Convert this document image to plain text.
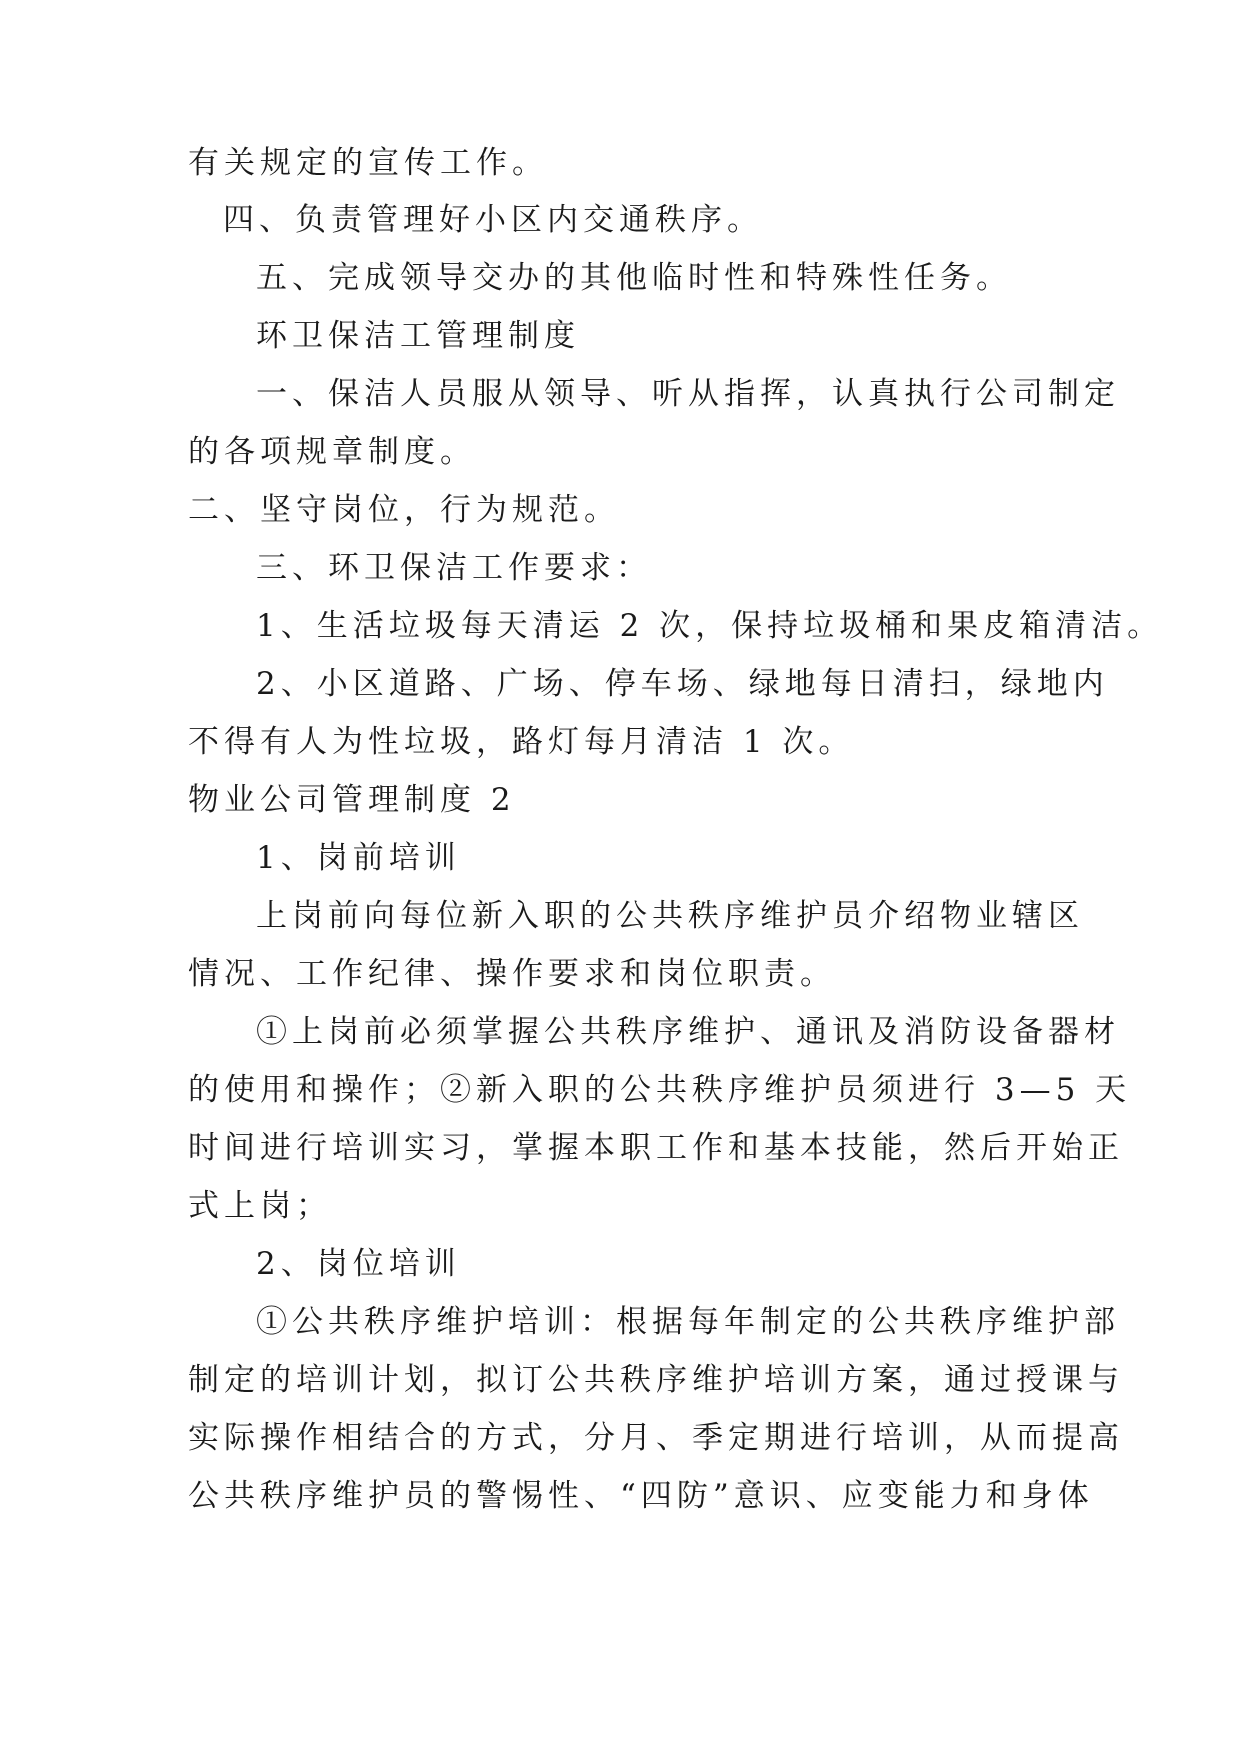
有关规定的宣传工作。
四、负责管理好小区内交通秩序。
五、完成领导交办的其他临时性和特殊性任务。
环卫保洁工管理制度
一、保洁人员服从领导、听从指挥，认真执行公司制定
的各项规章制度。
二、坚守岗位，行为规范。
三、环卫保洁工作要求：
1、生活垃圾每天清运 2 次，保持垃圾桶和果皮箱清洁。
2、小区道路、广场、停车场、绿地每日清扫，绿地内
不得有人为性垃圾，路灯每月清洁 1 次。
物业公司管理制度 2
1、岗前培训
上岗前向每位新入职的公共秩序维护员介绍物业辖区
情况、工作纪律、操作要求和岗位职责。
①上岗前必须掌握公共秩序维护、通讯及消防设备器材
的使用和操作；②新入职的公共秩序维护员须进行 3—5 天
时间进行培训实习，掌握本职工作和基本技能，然后开始正
式上岗；
2、岗位培训
①公共秩序维护培训：根据每年制定的公共秩序维护部
制定的培训计划，拟订公共秩序维护培训方案，通过授课与
实际操作相结合的方式，分月、季定期进行培训，从而提高
公共秩序维护员的警惕性、“四防”意识、应变能力和身体
